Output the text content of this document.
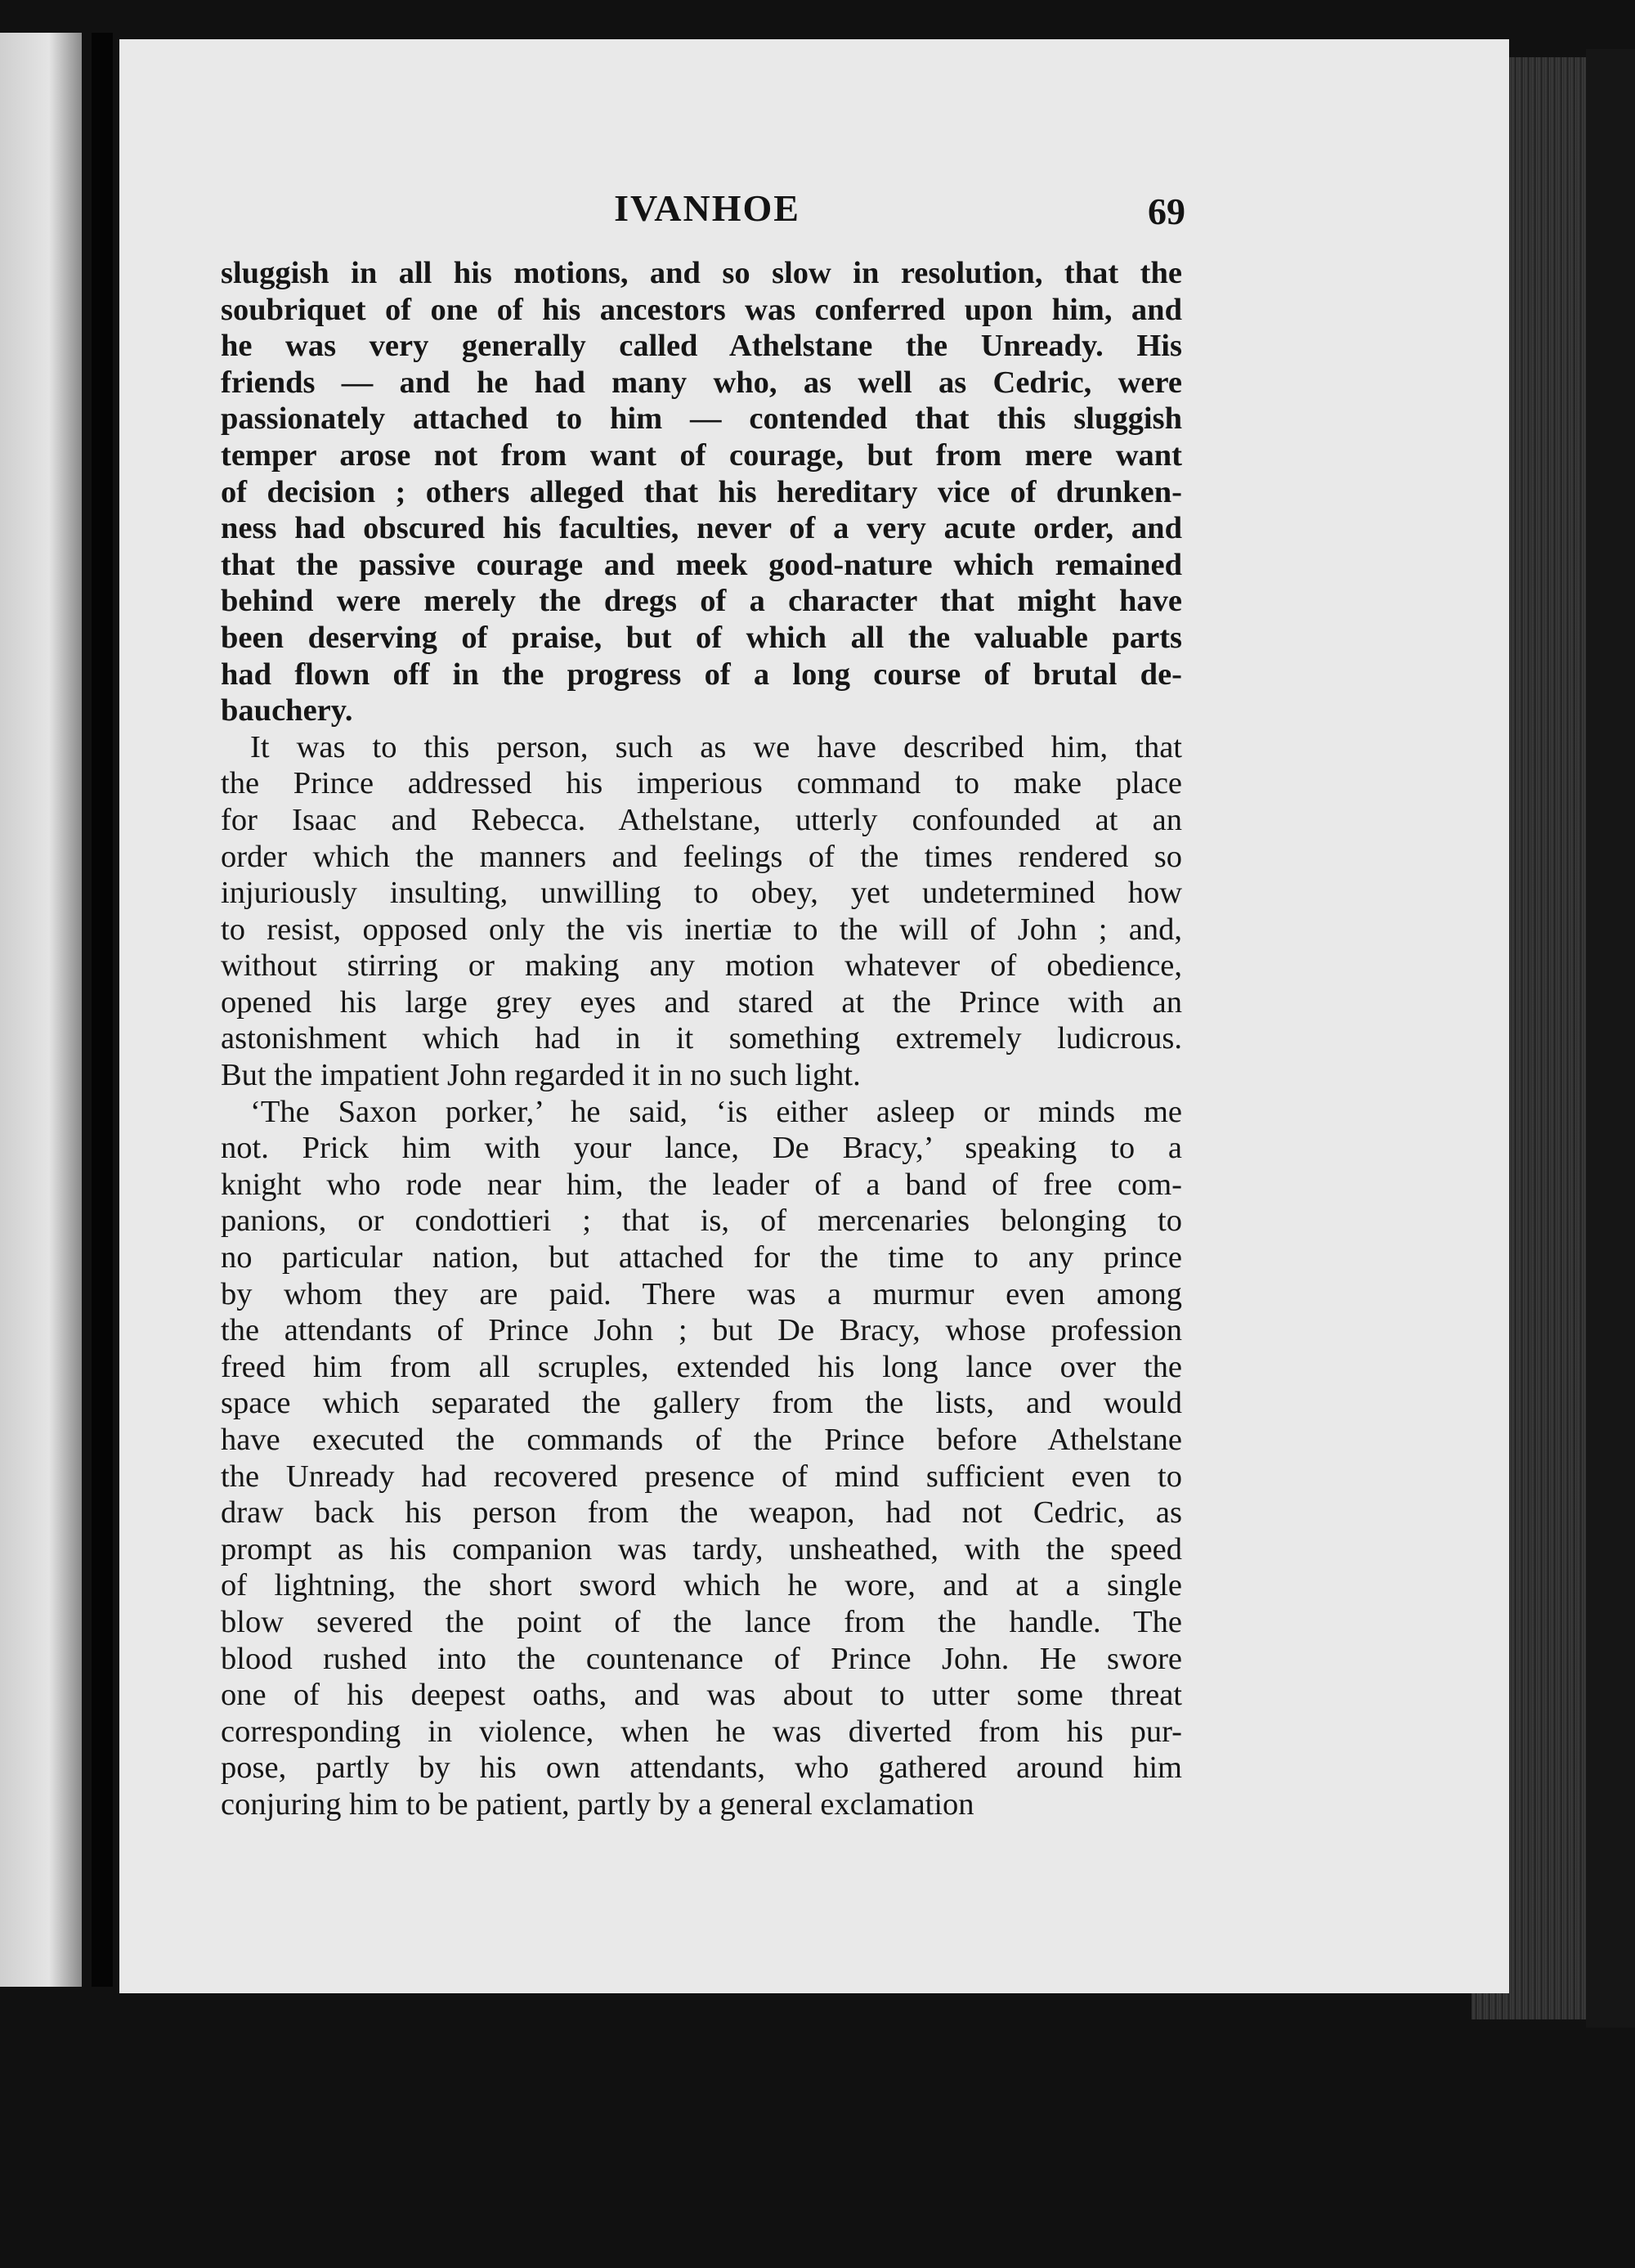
IVANHOE	69
sluggish in all his motions, and so slow in resolution, that the
soubriquet of one of his ancestors was conferred upon him, and
he was very generally called Athelstane the Unready. His
friends — and he had many who, as well as Cedric, were
passionately attached to him — contended that this sluggish
temper arose not from want of courage, but from mere want
of decision ; others alleged that his hereditary vice of drunken-
ness had obscured his faculties, never of a very acute order, and
that the passive courage and meek good-nature which remained
behind were merely the dregs of a character that might have
been deserving of praise, but of which all the valuable parts
had flown off in the progress of a long course of brutal de-
bauchery.
It was to this person, such as we have described him, that
the Prince addressed his imperious command to make place
for Isaac and Rebecca. Athelstane, utterly confounded at an
order which the manners and feelings of the times rendered so
injuriously insulting, unwilling to obey, yet undetermined how
to resist, opposed only the vis inertiæ to the will of John ; and,
without stirring or making any motion whatever of obedience,
opened his large grey eyes and stared at the Prince with an
astonishment which had in it something extremely ludicrous.
But the impatient John regarded it in no such light.
‘The Saxon porker,’ he said, ‘is either asleep or minds me
not. Prick him with your lance, De Bracy,’ speaking to a
knight who rode near him, the leader of a band of free com-
panions, or condottieri ; that is, of mercenaries belonging to
no particular nation, but attached for the time to any prince
by whom they are paid. There was a murmur even among
the attendants of Prince John ; but De Bracy, whose profession
freed him from all scruples, extended his long lance over the
space which separated the gallery from the lists, and would
have executed the commands of the Prince before Athelstane
the Unready had recovered presence of mind sufficient even to
draw back his person from the weapon, had not Cedric, as
prompt as his companion was tardy, unsheathed, with the speed
of lightning, the short sword which he wore, and at a single
blow severed the point of the lance from the handle. The
blood rushed into the countenance of Prince John. He swore
one of his deepest oaths, and was about to utter some threat
corresponding in violence, when he was diverted from his pur-
pose, partly by his own attendants, who gathered around him
conjuring him to be patient, partly by a general exclamation
